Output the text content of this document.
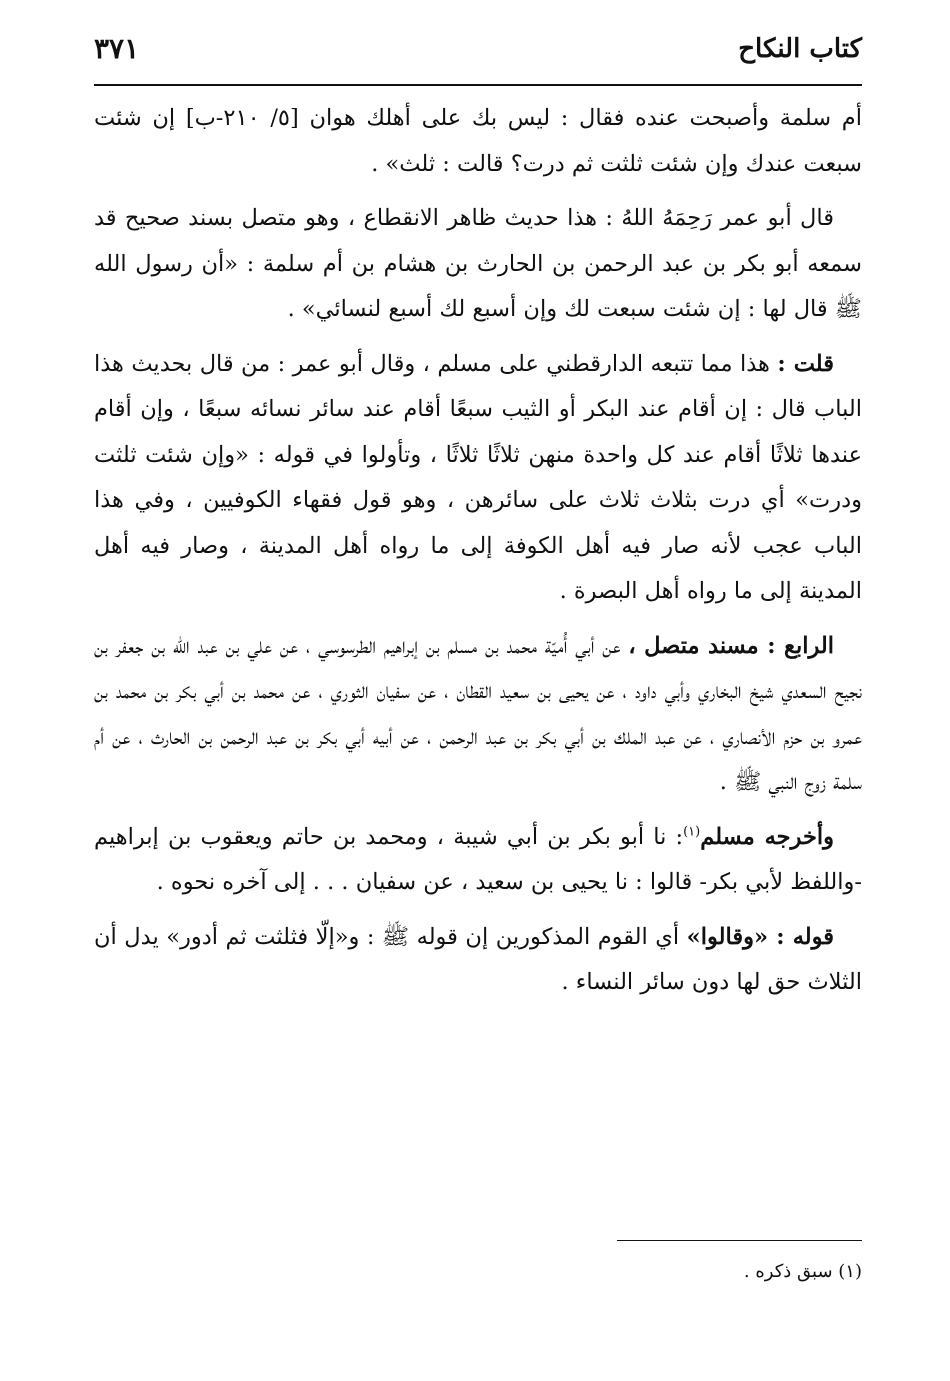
كتاب النكاح
٣٧١

أم سلمة وأصبحت عنده فقال : ليس بك على أهلك هوان [٥/ ٢١٠-ب] إن شئت سبعت عندك وإن شئت ثلثت ثم درت؟ قالت : ثلث» .

قال أبو عمر رَحِمَهُ اللهُ : هذا حديث ظاهر الانقطاع ، وهو متصل بسند صحيح قد سمعه أبو بكر بن عبد الرحمن بن الحارث بن هشام بن أم سلمة : «أن رسول الله ﷺ قال لها : إن شئت سبعت لك وإن أسبع لك أسبع لنسائي» .

قلت : هذا مما تتبعه الدارقطني على مسلم ، وقال أبو عمر : من قال بحديث هذا الباب قال : إن أقام عند البكر أو الثيب سبعًا أقام عند سائر نسائه سبعًا ، وإن أقام عندها ثلاثًا أقام عند كل واحدة منهن ثلاثًا ثلاثًا ، وتأولوا في قوله : «وإن شئت ثلثت ودرت» أي درت بثلاث ثلاث على سائرهن ، وهو قول فقهاء الكوفيين ، وفي هذا الباب عجب لأنه صار فيه أهل الكوفة إلى ما رواه أهل المدينة ، وصار فيه أهل المدينة إلى ما رواه أهل البصرة .

الرابع : مسند متصل ، عن أبي أُميّة محمد بن مسلم بن إبراهيم الطرسوسي ، عن علي بن عبد الله بن جعفر بن نجيح السعدي شيخ البخاري وأبي داود ، عن يحيى بن سعيد القطان ، عن سفيان الثوري ، عن محمد بن أبي بكر بن محمد بن عمرو بن حزم الأنصاري ، عن عبد الملك بن أبي بكر بن عبد الرحمن ، عن أبيه أبي بكر بن عبد الرحمن بن الحارث ، عن أم سلمة زوج النبي ﷺ .

وأخرجه مسلم$^{(١)}$: نا أبو بكر بن أبي شيبة ، ومحمد بن حاتم ويعقوب بن إبراهيم -واللفظ لأبي بكر- قالوا : نا يحيى بن سعيد ، عن سفيان . . . إلى آخره نحوه .

قوله : «وقالوا» أي القوم المذكورين إن قوله ﷺ : و«إلّا فثلثت ثم أدور» يدل أن الثلاث حق لها دون سائر النساء .

(١) سبق ذكره .
